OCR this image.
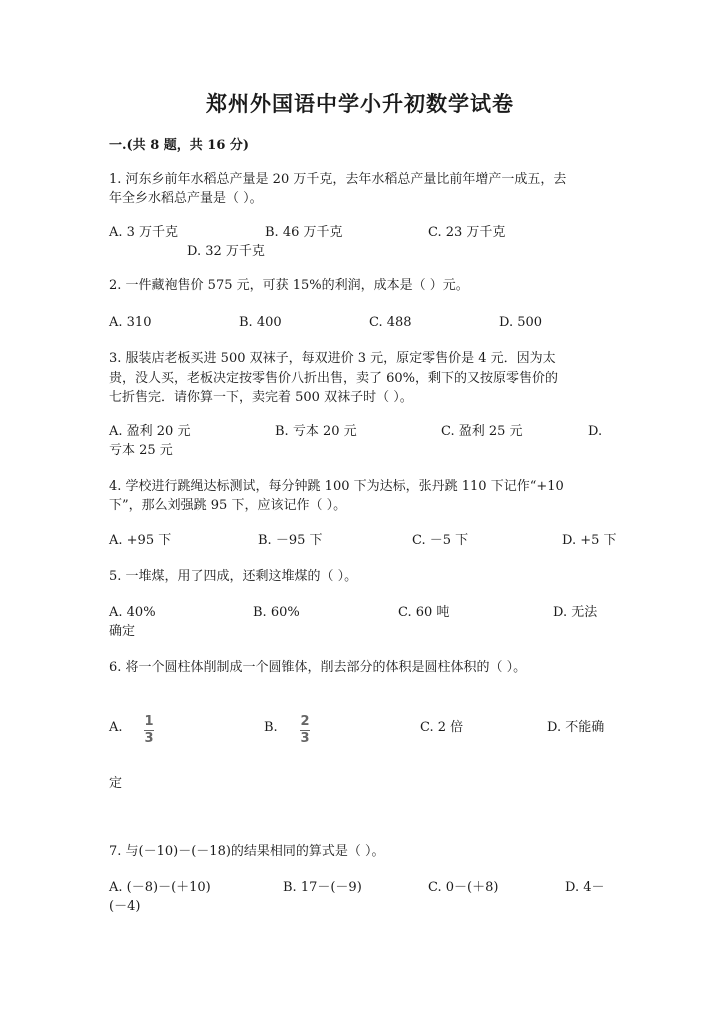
郑州外国语中学小升初数学试卷
一.(共 8 题，共 16 分)
1. 河东乡前年水稻总产量是 20 万千克，去年水稻总产量比前年增产一成五，去
年全乡水稻总产量是（ ）。
A. 3 万千克	B. 46 万千克	C. 23 万千克
D. 32 万千克
2. 一件藏袍售价 575 元，可获 15%的利润，成本是（ ）元。
A. 310	B. 400	C. 488	D. 500
3. 服装店老板买进 500 双袜子，每双进价 3 元，原定零售价是 4 元．因为太
贵，没人买，老板决定按零售价八折出售，卖了 60%，剩下的又按原零售价的
七折售完．请你算一下，卖完着 500 双袜子时（ ）。
A. 盈利 20 元	B. 亏本 20 元	C. 盈利 25 元	D.
亏本 25 元
4. 学校进行跳绳达标测试，每分钟跳 100 下为达标，张丹跳 110 下记作“+10
下”，那么刘强跳 95 下，应该记作（ ）。
A. +95 下	B. －95 下	C. －5 下	D. +5 下
5. 一堆煤，用了四成，还剩这堆煤的（ ）。
A. 40%	B. 60%	C. 60 吨	D. 无法
确定
6. 将一个圆柱体削制成一个圆锥体，削去部分的体积是圆柱体积的（ ）。
A. 1
3
B. 2
3
C. 2 倍	D. 不能确
定
7. 与(－10)－(－18)的结果相同的算式是（ ）。
A. (－8)－(＋10)	B. 17－(－9)	C. 0－(＋8)	D. 4－
(－4)
